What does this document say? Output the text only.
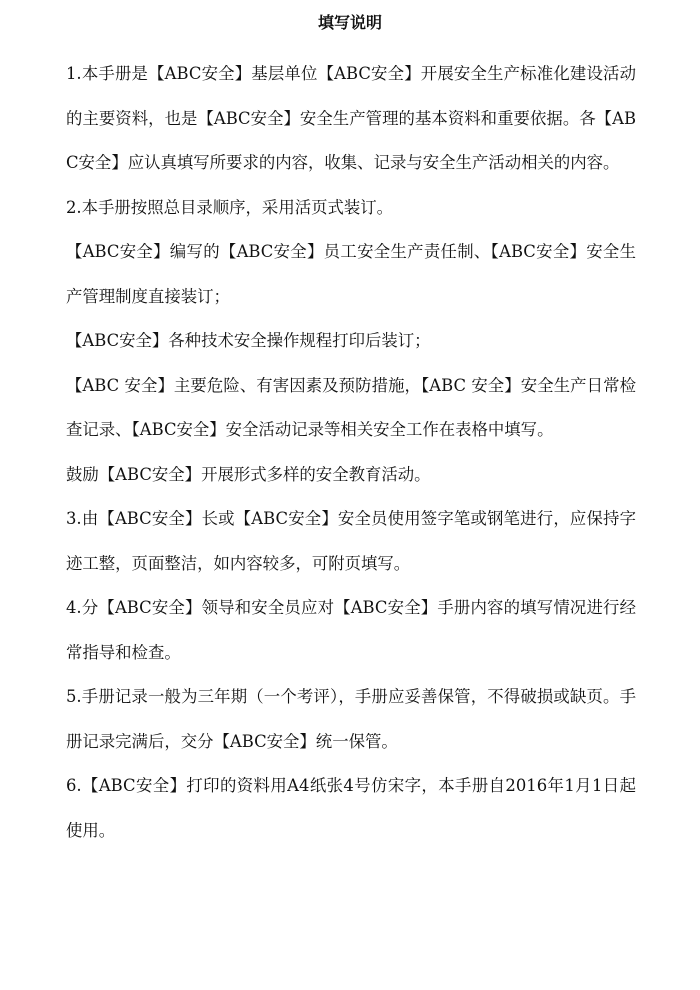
填写说明

1.本手册是【ABC安全】基层单位【ABC安全】开展安全生产标准化建设活动的主要资料，也是【ABC安全】安全生产管理的基本资料和重要依据。各【ABC安全】应认真填写所要求的内容，收集、记录与安全生产活动相关的内容。

2.本手册按照总目录顺序，采用活页式装订。

【ABC安全】编写的【ABC安全】员工安全生产责任制、【ABC安全】安全生产管理制度直接装订；

【ABC安全】各种技术安全操作规程打印后装订；

【ABC 安全】主要危险、有害因素及预防措施，【ABC 安全】安全生产日常检查记录、【ABC安全】安全活动记录等相关安全工作在表格中填写。

鼓励【ABC安全】开展形式多样的安全教育活动。

3.由【ABC安全】长或【ABC安全】安全员使用签字笔或钢笔进行，应保持字迹工整，页面整洁，如内容较多，可附页填写。

4.分【ABC安全】领导和安全员应对【ABC安全】手册内容的填写情况进行经常指导和检查。

5.手册记录一般为三年期（一个考评），手册应妥善保管，不得破损或缺页。手册记录完满后，交分【ABC安全】统一保管。

6.【ABC安全】打印的资料用A4纸张4号仿宋字，本手册自2016年1月1日起使用。
